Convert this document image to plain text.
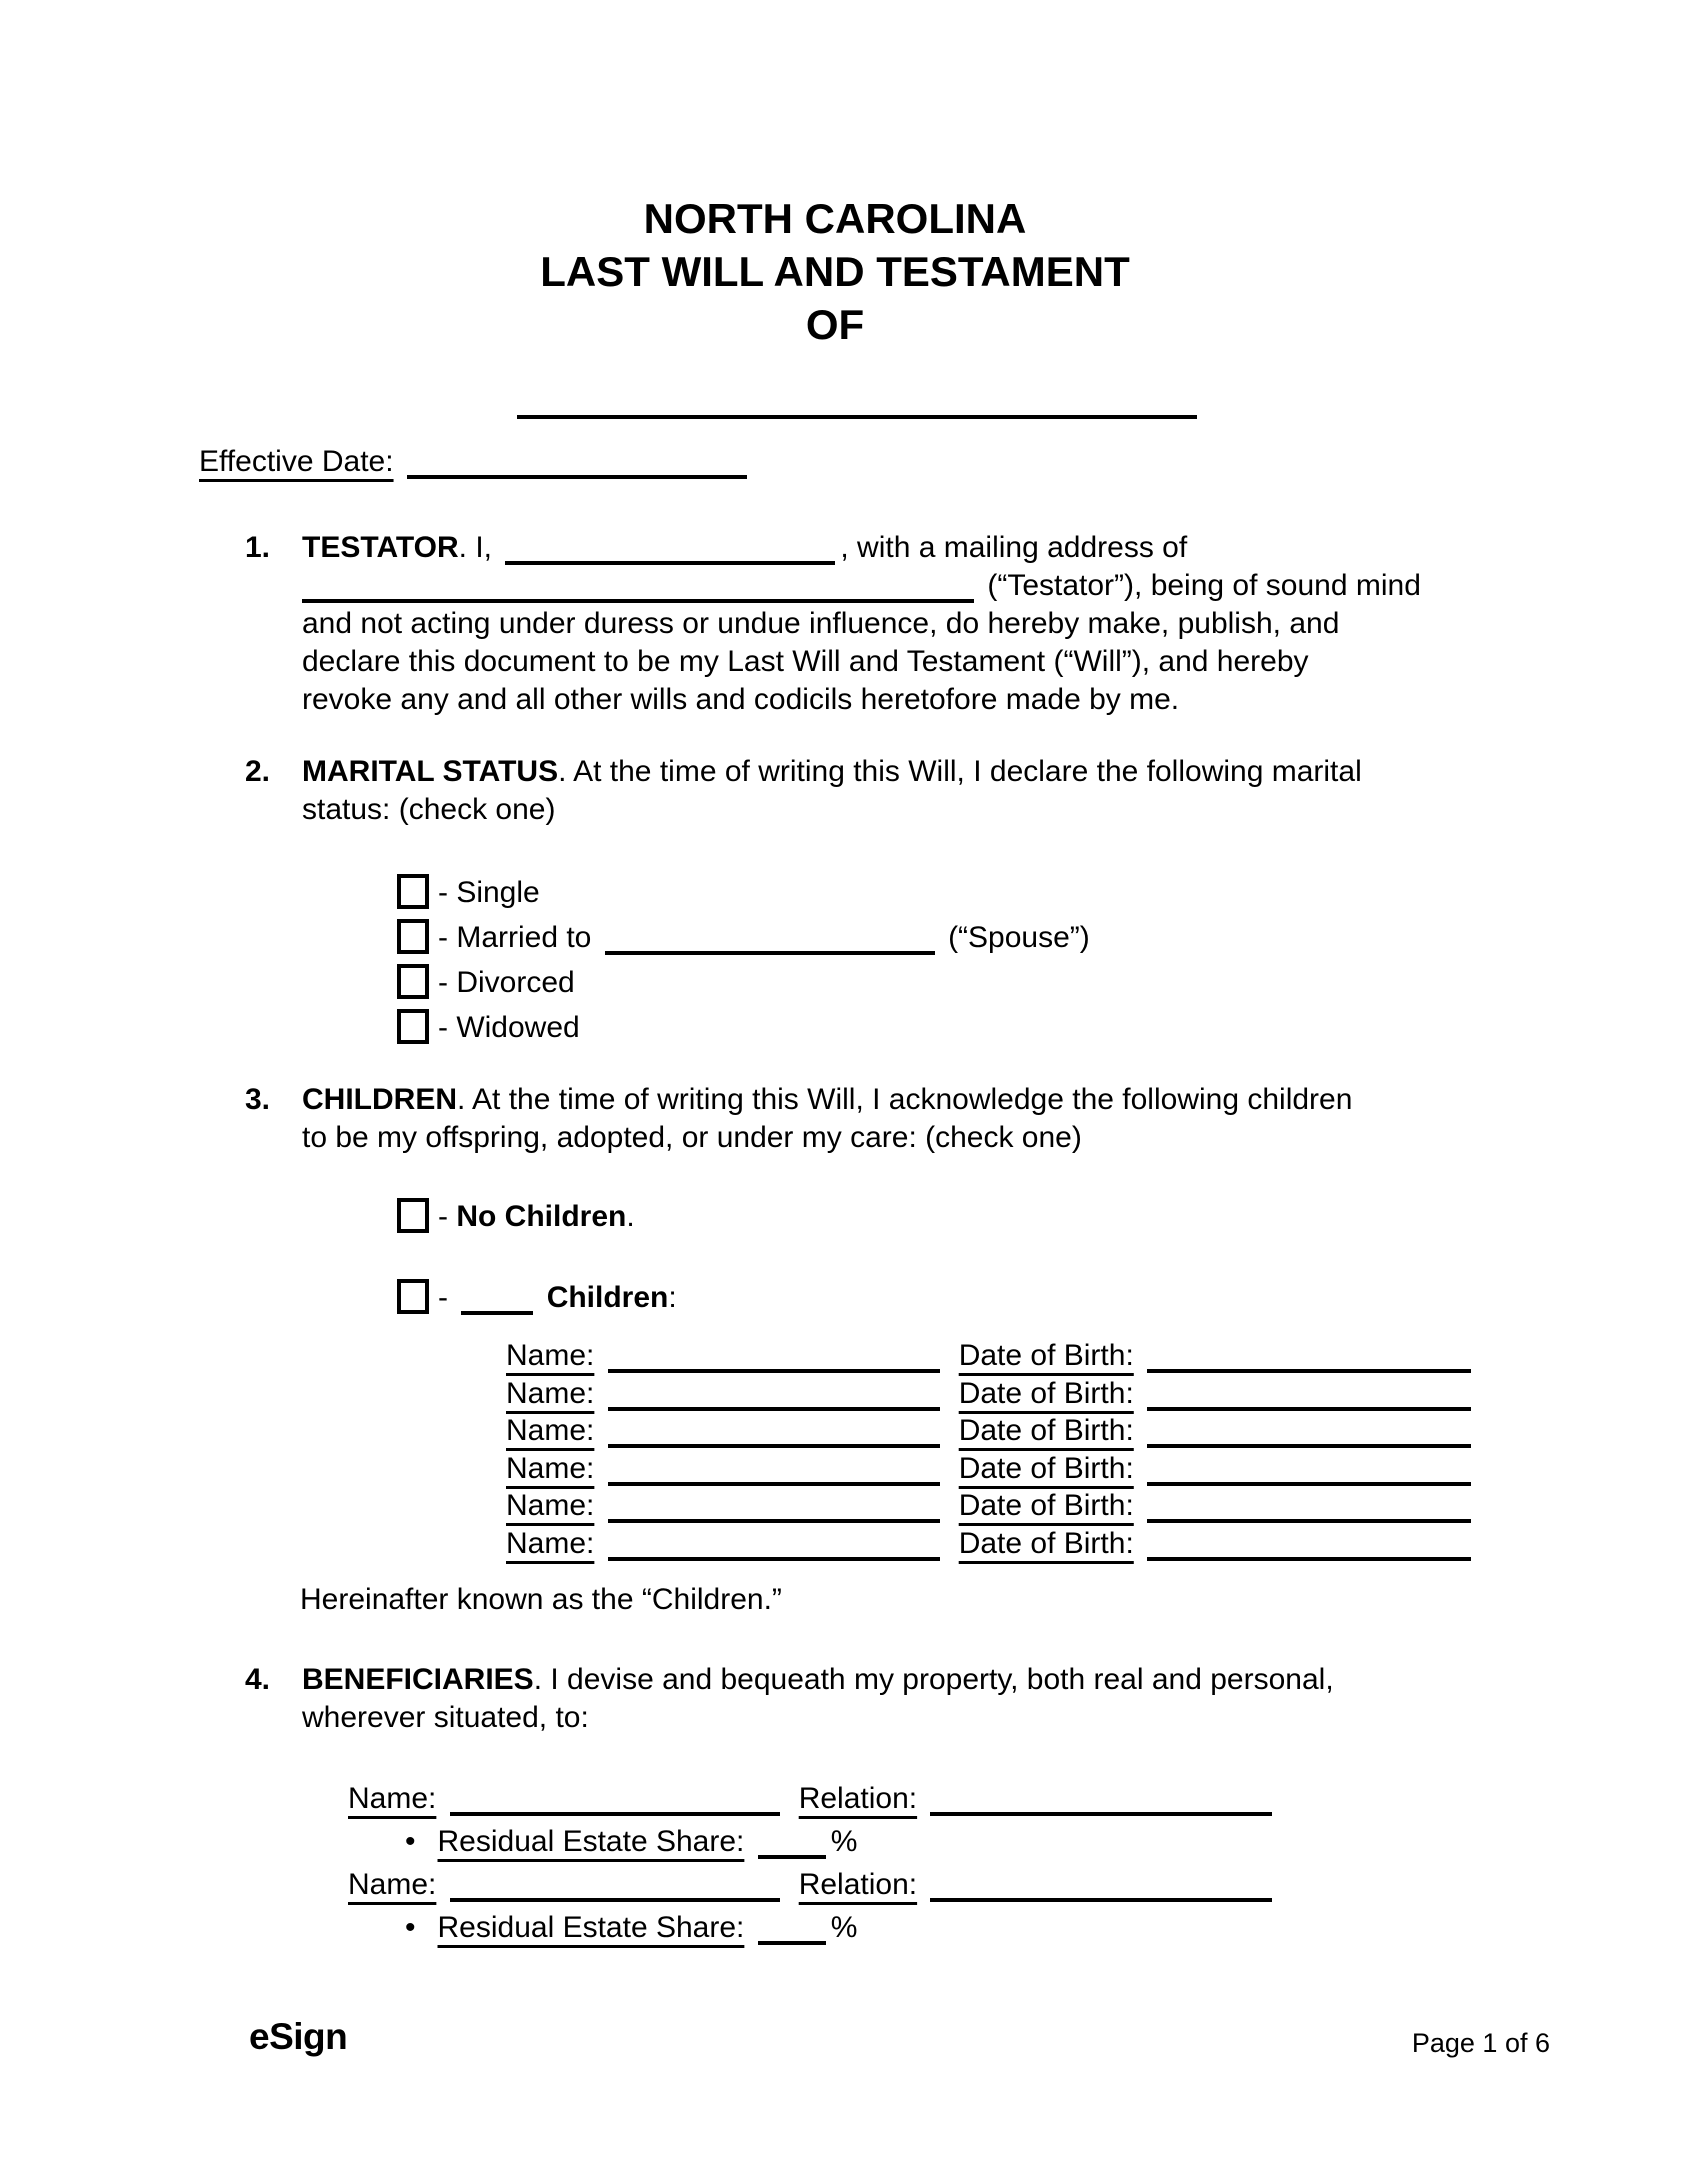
NORTH CAROLINA
LAST WILL AND TESTAMENT
OF
Effective Date:
1.	TESTATOR. I,	, with a mailing address of
(“Testator”), being of sound mind
and not acting under duress or undue influence, do hereby make, publish, and
declare this document to be my Last Will and Testament (“Will”), and hereby
revoke any and all other wills and codicils heretofore made by me.
2.	MARITAL STATUS. At the time of writing this Will, I declare the following marital
status: (check one)
- Single
- Married to	(“Spouse”)
- Divorced
- Widowed
3.	CHILDREN. At the time of writing this Will, I acknowledge the following children
to be my offspring, adopted, or under my care: (check one)
- No Children.
-	Children:
Name:	Date of Birth:
Name:	Date of Birth:
Name:	Date of Birth:
Name:	Date of Birth:
Name:	Date of Birth:
Name:	Date of Birth:
Hereinafter known as the “Children.”
4.	BENEFICIARIES. I devise and bequeath my property, both real and personal,
wherever situated, to:
Name:	Relation:
• Residual Estate Share:	%
Name:	Relation:
• Residual Estate Share:	%
eSign	Page 1 of 6
